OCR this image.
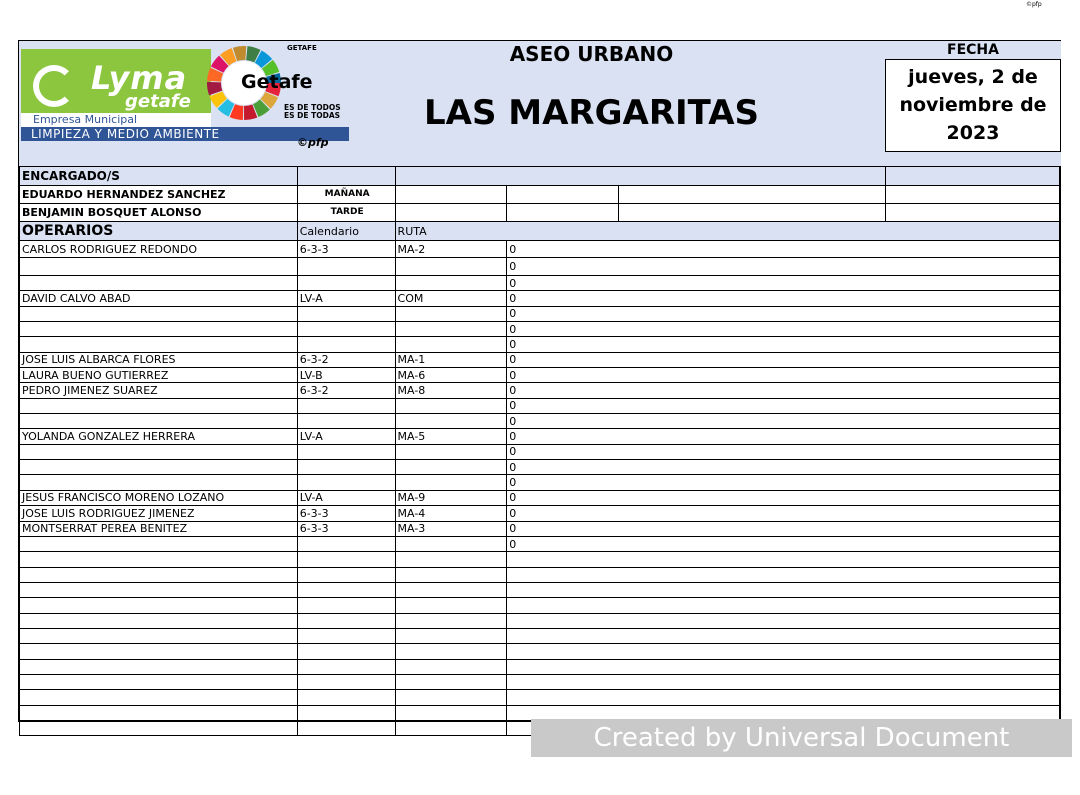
©pfp
Lyma
getafe
Empresa Municipal
LIMPIEZA Y MEDIO AMBIENTE
Getafe
GETAFE
ES DE TODOS
ES DE TODAS
©pfp
ASEO URBANO
LAS MARGARITAS
FECHA
jueves, 2 de
noviembre de
2023
ENCARGADO/S					
EDUARDO HERNANDEZ SANCHEZ	MAÑANA				
BENJAMIN BOSQUET ALONSO	TARDE				
OPERARIOS	Calendario	RUTA			
CARLOS RODRIGUEZ REDONDO	6-3-3	MA-2	0		
			0		
			0		
DAVID CALVO ABAD	LV-A	COM	0		
			0		
			0		
			0		
JOSE LUIS ALBARCA FLORES	6-3-2	MA-1	0		
LAURA BUENO GUTIERREZ	LV-B	MA-6	0		
PEDRO JIMENEZ SUAREZ	6-3-2	MA-8	0		
			0		
			0		
YOLANDA GONZALEZ HERRERA	LV-A	MA-5	0		
			0		
			0		
			0		
JESUS FRANCISCO MORENO LOZANO	LV-A	MA-9	0		
JOSE LUIS RODRIGUEZ JIMENEZ	6-3-3	MA-4	0		
MONTSERRAT PEREA BENITEZ	6-3-3	MA-3	0		
			0		

Created by Universal Document Converter
